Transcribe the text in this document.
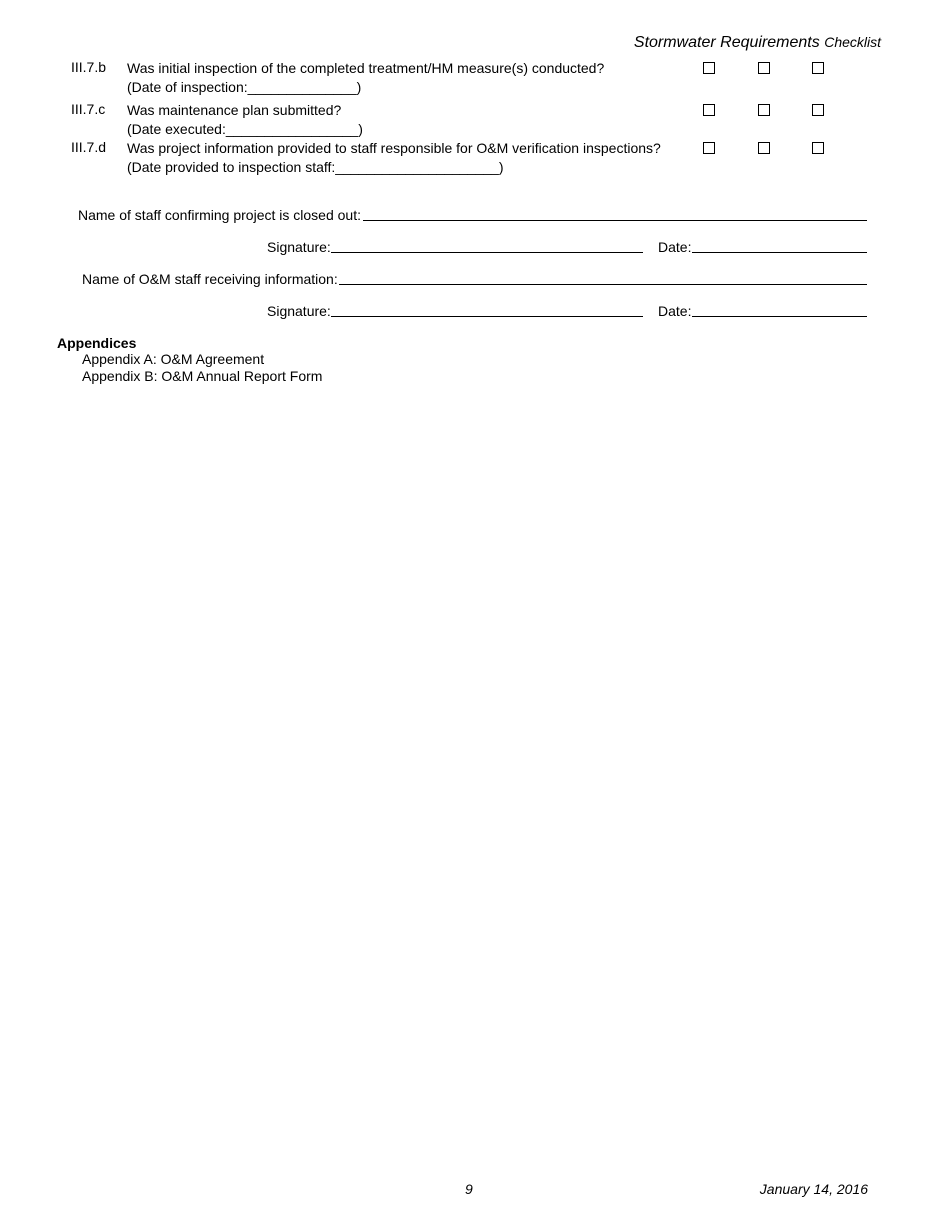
Stormwater Requirements Checklist
III.7.b Was initial inspection of the completed treatment/HM measure(s) conducted?
(Date of inspection:______________)
III.7.c Was maintenance plan submitted?
(Date executed:_________________)
III.7.d Was project information provided to staff responsible for O&M verification inspections?
(Date provided to inspection staff:_____________________)
Name of staff confirming project is closed out:
Signature:	Date:
Name of O&M staff receiving information:
Signature:	Date:
Appendices
Appendix A: O&M Agreement
Appendix B: O&M Annual Report Form
9	January 14, 2016
